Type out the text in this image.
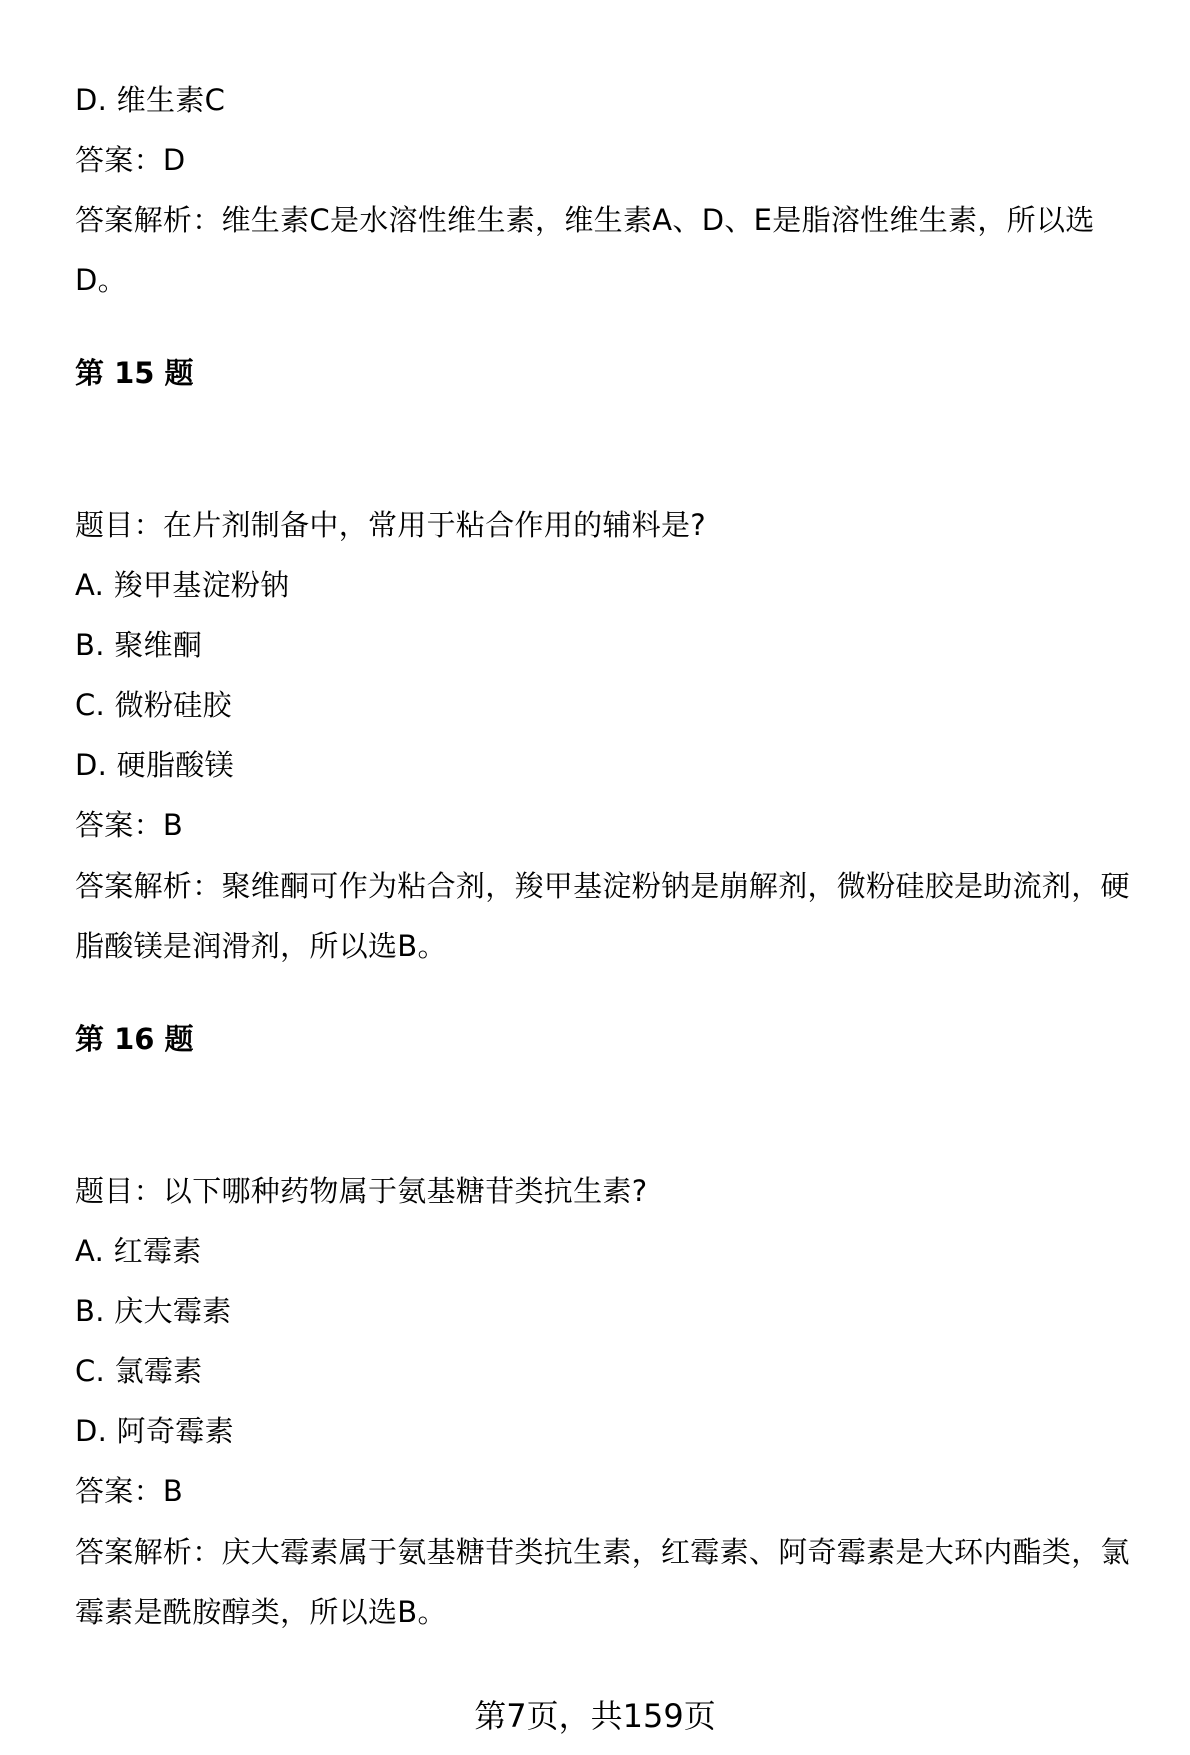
D. 维生素C
答案：D
答案解析：维生素C是水溶性维生素，维生素A、D、E是脂溶性维生素，所以选
D。
第 15 题
题目：在片剂制备中，常用于粘合作用的辅料是?
A. 羧甲基淀粉钠
B. 聚维酮
C. 微粉硅胶
D. 硬脂酸镁
答案：B
答案解析：聚维酮可作为粘合剂，羧甲基淀粉钠是崩解剂，微粉硅胶是助流剂，硬
脂酸镁是润滑剂，所以选B。
第 16 题
题目：以下哪种药物属于氨基糖苷类抗生素?
A. 红霉素
B. 庆大霉素
C. 氯霉素
D. 阿奇霉素
答案：B
答案解析：庆大霉素属于氨基糖苷类抗生素，红霉素、阿奇霉素是大环内酯类，氯
霉素是酰胺醇类，所以选B。
第7页，共159页
